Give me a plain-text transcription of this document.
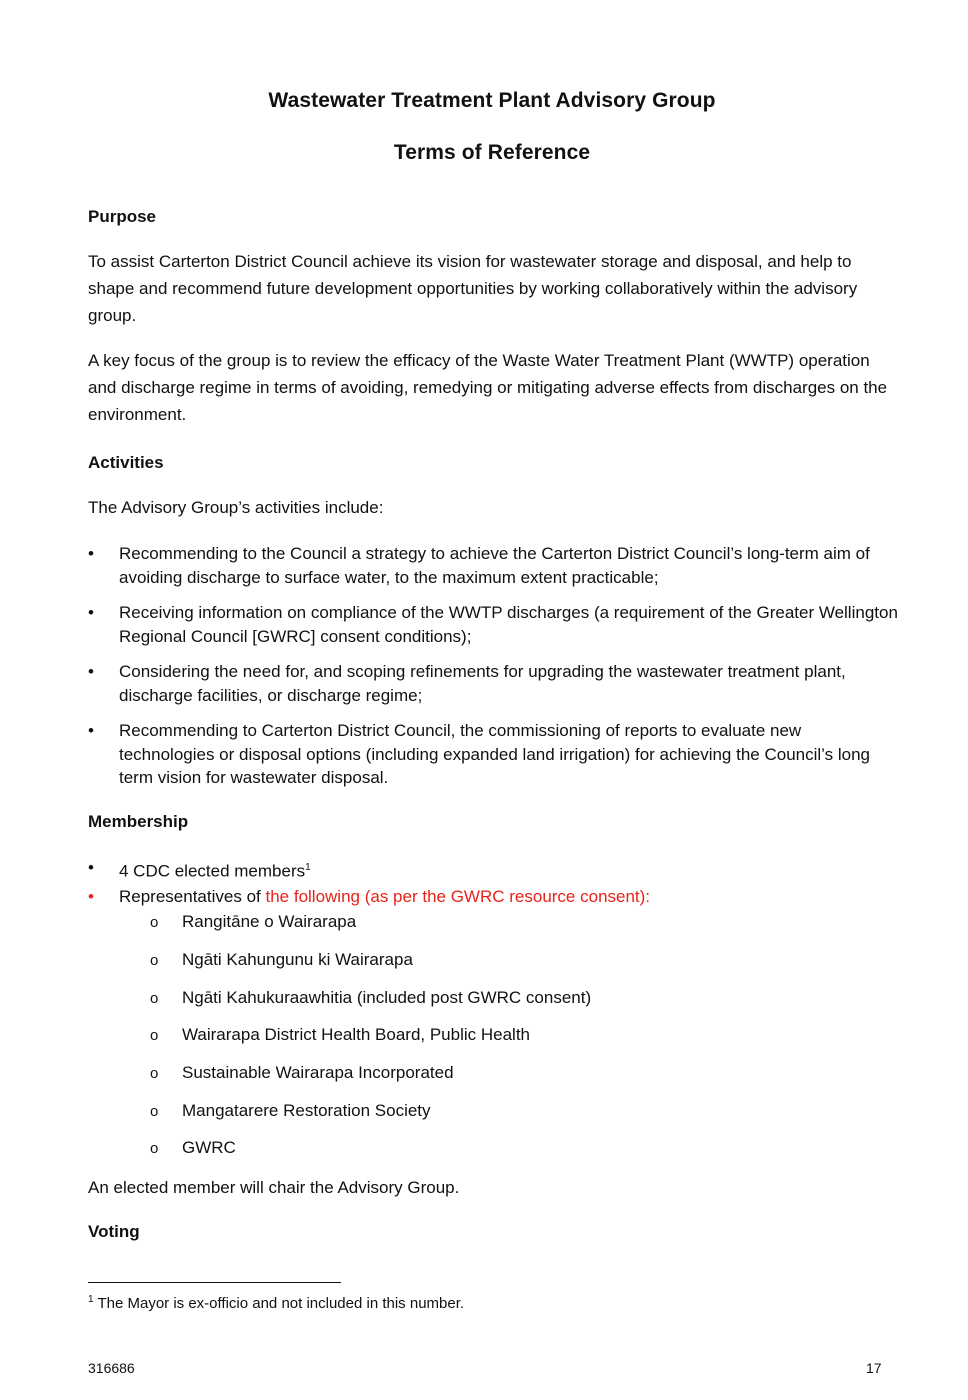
Wastewater Treatment Plant Advisory Group
Terms of Reference
Purpose
To assist Carterton District Council achieve its vision for wastewater storage and disposal, and help to shape and recommend future development opportunities by working collaboratively within the advisory group.
A key focus of the group is to review the efficacy of the Waste Water Treatment Plant (WWTP) operation and discharge regime in terms of avoiding, remedying or mitigating adverse effects from discharges on the environment.
Activities
The Advisory Group’s activities include:
• Recommending to the Council a strategy to achieve the Carterton District Council’s long-term aim of avoiding discharge to surface water, to the maximum extent practicable;
• Receiving information on compliance of the WWTP discharges (a requirement of the Greater Wellington Regional Council [GWRC] consent conditions);
• Considering the need for, and scoping refinements for upgrading the wastewater treatment plant, discharge facilities, or discharge regime;
• Recommending to Carterton District Council, the commissioning of reports to evaluate new technologies or disposal options (including expanded land irrigation) for achieving the Council’s long term vision for wastewater disposal.
Membership
• 4 CDC elected members$^1$
• Representatives of the following (as per the GWRC resource consent):
o Rangitāne o Wairarapa
o Ngāti Kahungunu ki Wairarapa
o Ngāti Kahukuraawhitia (included post GWRC consent)
o Wairarapa District Health Board, Public Health
o Sustainable Wairarapa Incorporated
o Mangatarere Restoration Society
o GWRC
An elected member will chair the Advisory Group.
Voting
$^1$ The Mayor is ex-officio and not included in this number.
316686	17
